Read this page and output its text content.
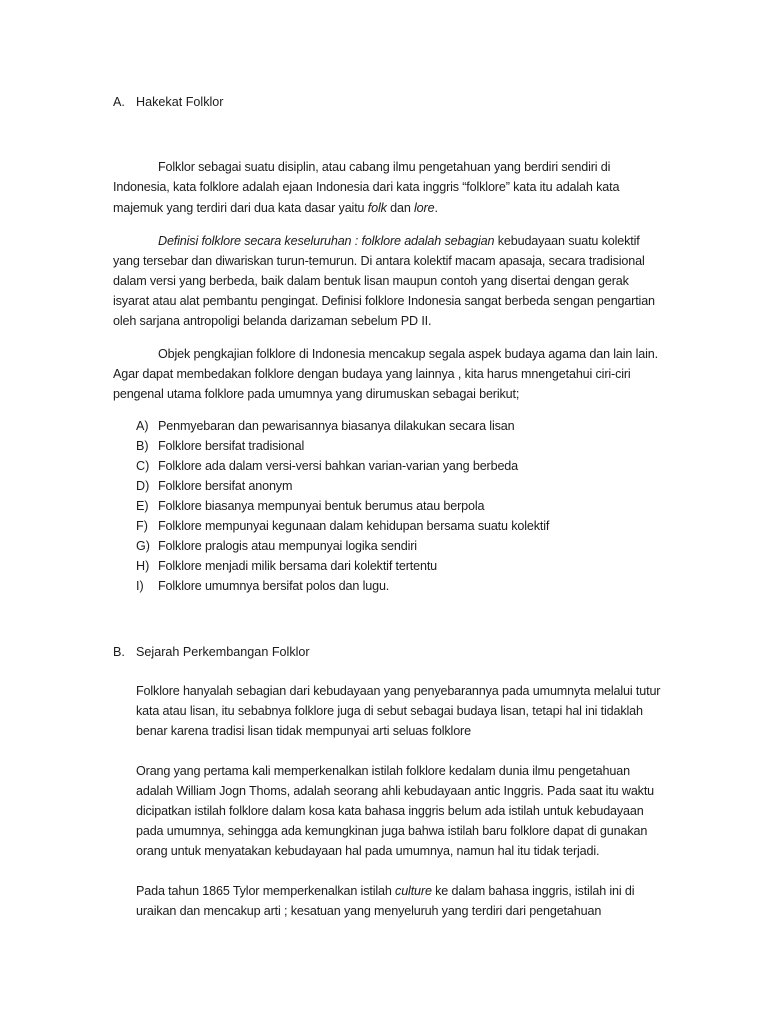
A. Hakekat Folklor
Folklor sebagai suatu disiplin, atau cabang ilmu pengetahuan yang berdiri sendiri di
Indonesia, kata folklore adalah ejaan Indonesia dari kata inggris “folklore” kata itu adalah kata
majemuk yang terdiri dari dua kata dasar yaitu folk dan lore.
Definisi folklore secara keseluruhan : folklore adalah sebagian kebudayaan suatu kolektif
yang tersebar dan diwariskan turun-temurun. Di antara kolektif macam apasaja, secara tradisional
dalam versi yang berbeda, baik dalam bentuk lisan maupun contoh yang disertai dengan gerak
isyarat atau alat pembantu pengingat. Definisi folklore Indonesia sangat berbeda sengan pengartian
oleh sarjana antropoligi belanda darizaman sebelum PD II.
Objek pengkajian folklore di Indonesia mencakup segala aspek budaya agama dan lain lain.
Agar dapat membedakan folklore dengan budaya yang lainnya , kita harus mnengetahui ciri-ciri
pengenal utama folklore pada umumnya yang dirumuskan sebagai berikut;
A) Penmyebaran dan pewarisannya biasanya dilakukan secara lisan
B) Folklore bersifat tradisional
C) Folklore ada dalam versi-versi bahkan varian-varian yang berbeda
D) Folklore bersifat anonym
E) Folklore biasanya mempunyai bentuk berumus atau berpola
F) Folklore mempunyai kegunaan dalam kehidupan bersama suatu kolektif
G) Folklore pralogis atau mempunyai logika sendiri
H) Folklore menjadi milik bersama dari kolektif tertentu
I) Folklore umumnya bersifat polos dan lugu.
B. Sejarah Perkembangan Folklor
Folklore hanyalah sebagian dari kebudayaan yang penyebarannya pada umumnyta melalui tutur
kata atau lisan, itu sebabnya folklore juga di sebut sebagai budaya lisan, tetapi hal ini tidaklah
benar karena tradisi lisan tidak mempunyai arti seluas folklore
Orang yang pertama kali memperkenalkan istilah folklore kedalam dunia ilmu pengetahuan
adalah William Jogn Thoms, adalah seorang ahli kebudayaan antic Inggris. Pada saat itu waktu
dicipatkan istilah folklore dalam kosa kata bahasa inggris belum ada istilah untuk kebudayaan
pada umumnya, sehingga ada kemungkinan juga bahwa istilah baru folklore dapat di gunakan
orang untuk menyatakan kebudayaan hal pada umumnya, namun hal itu tidak terjadi.
Pada tahun 1865 Tylor memperkenalkan istilah culture ke dalam bahasa inggris, istilah ini di
uraikan dan mencakup arti ; kesatuan yang menyeluruh yang terdiri dari pengetahuan
